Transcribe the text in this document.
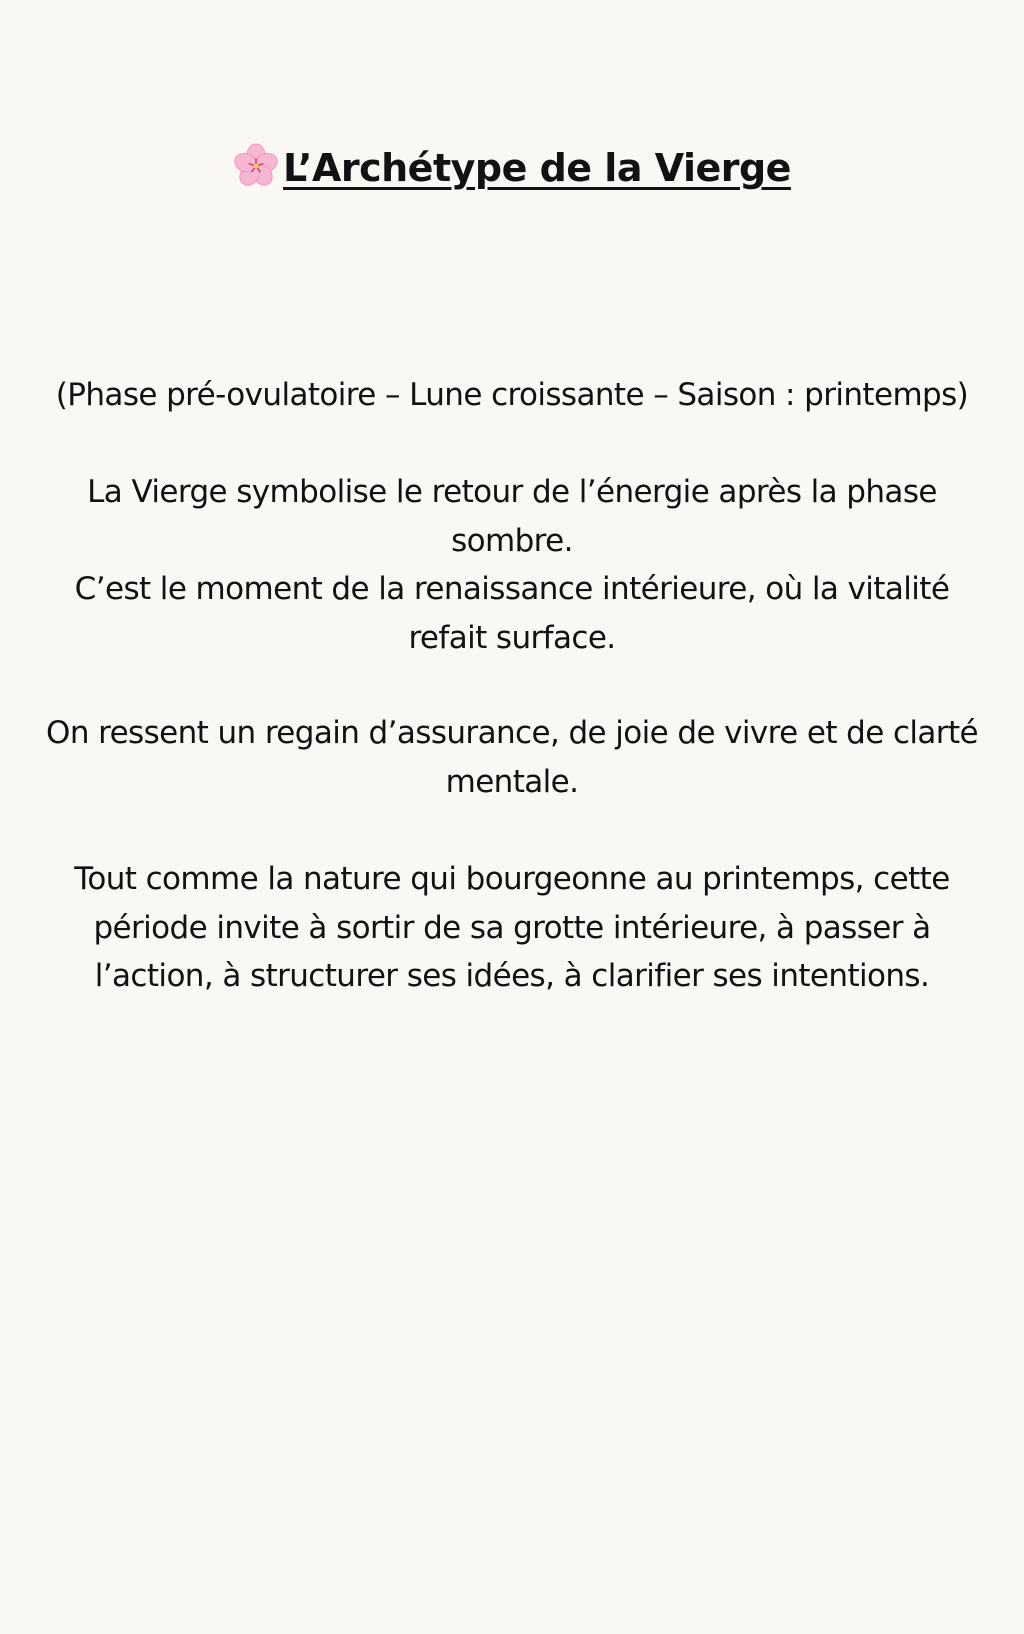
L’Archétype de la Vierge
(Phase pré-ovulatoire – Lune croissante – Saison : printemps)
La Vierge symbolise le retour de l’énergie après la phase
sombre.
C’est le moment de la renaissance intérieure, où la vitalité
refait surface.
On ressent un regain d’assurance, de joie de vivre et de clarté
mentale.
Tout comme la nature qui bourgeonne au printemps, cette
période invite à sortir de sa grotte intérieure, à passer à
l’action, à structurer ses idées, à clarifier ses intentions.
